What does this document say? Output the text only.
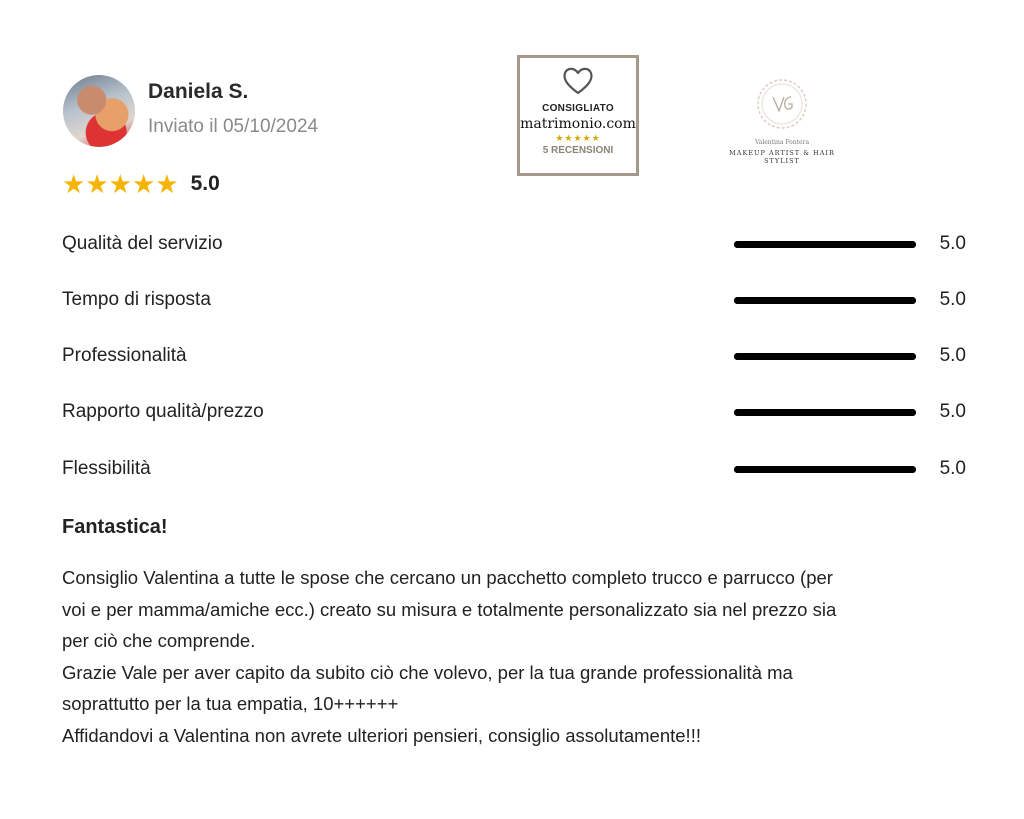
Daniela S.
Inviato il 05/10/2024
★ ★ ★ ★ ★ 5.0
CONSIGLIATO
matrimonio.com
★★★★★
5 RECENSIONI
Valentina Fontera
MAKEUP ARTIST & HAIR STYLIST
Qualità del servizio	5.0
Tempo di risposta	5.0
Professionalità	5.0
Rapporto qualità/prezzo	5.0
Flessibilità	5.0
Fantastica!
Consiglio Valentina a tutte le spose che cercano un pacchetto completo trucco e parrucco (per
voi e per mamma/amiche ecc.) creato su misura e totalmente personalizzato sia nel prezzo sia
per ciò che comprende.
Grazie Vale per aver capito da subito ciò che volevo, per la tua grande professionalità ma
soprattutto per la tua empatia, 10++++++
Affidandovi a Valentina non avrete ulteriori pensieri, consiglio assolutamente!!!
